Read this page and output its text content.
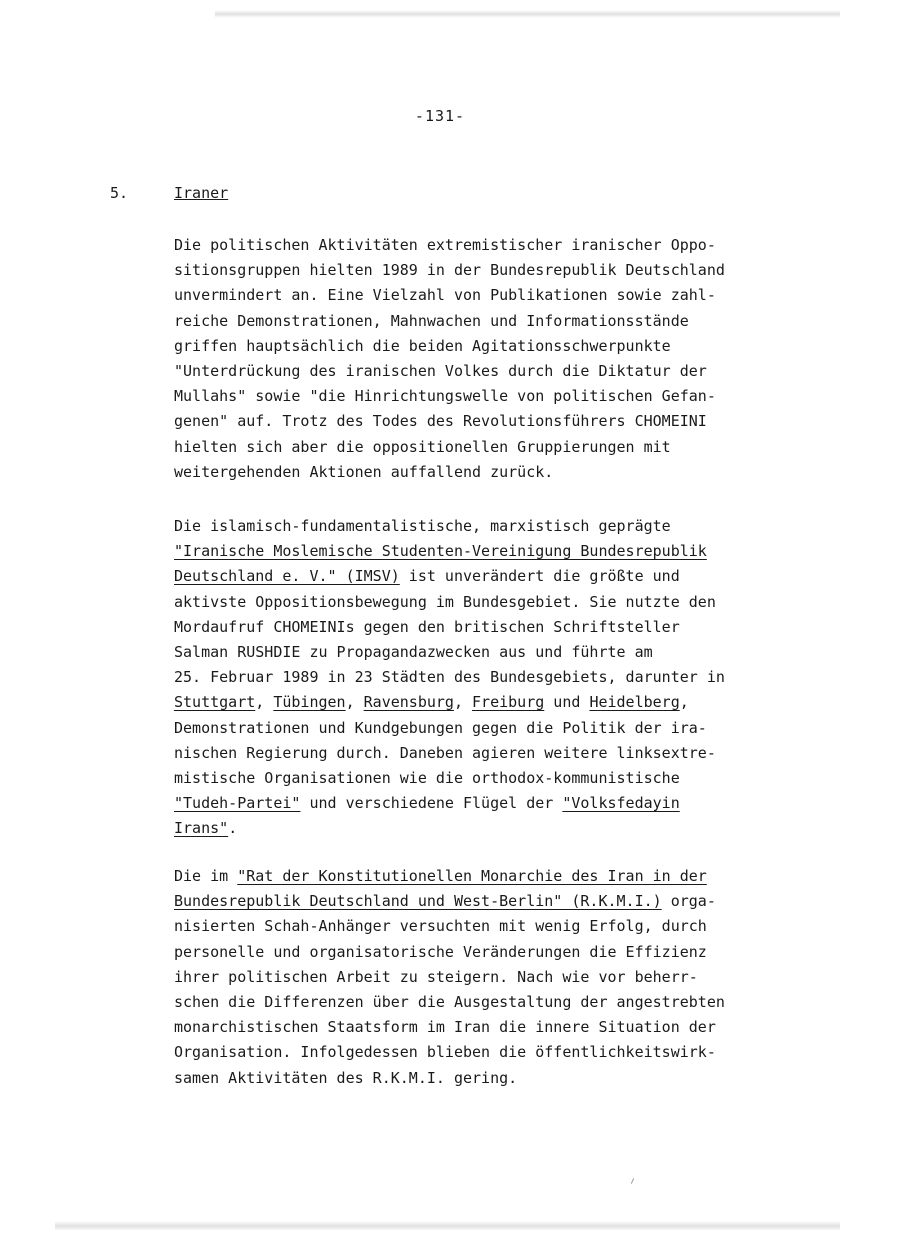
-131-
5.	Iraner
Die politischen Aktivitäten extremistischer iranischer Oppo-
sitionsgruppen hielten 1989 in der Bundesrepublik Deutschland
unvermindert an. Eine Vielzahl von Publikationen sowie zahl-
reiche Demonstrationen, Mahnwachen und Informationsstände
griffen hauptsächlich die beiden Agitationsschwerpunkte
"Unterdrückung des iranischen Volkes durch die Diktatur der
Mullahs" sowie "die Hinrichtungswelle von politischen Gefan-
genen" auf. Trotz des Todes des Revolutionsführers CHOMEINI
hielten sich aber die oppositionellen Gruppierungen mit
weitergehenden Aktionen auffallend zurück.
Die islamisch-fundamentalistische, marxistisch geprägte
"Iranische Moslemische Studenten-Vereinigung Bundesrepublik
Deutschland e. V." (IMSV) ist unverändert die größte und
aktivste Oppositionsbewegung im Bundesgebiet. Sie nutzte den
Mordaufruf CHOMEINIs gegen den britischen Schriftsteller
Salman RUSHDIE zu Propagandazwecken aus und führte am
25. Februar 1989 in 23 Städten des Bundesgebiets, darunter in
Stuttgart, Tübingen, Ravensburg, Freiburg und Heidelberg,
Demonstrationen und Kundgebungen gegen die Politik der ira-
nischen Regierung durch. Daneben agieren weitere linksextre-
mistische Organisationen wie die orthodox-kommunistische
"Tudeh-Partei" und verschiedene Flügel der "Volksfedayin
Irans".
Die im "Rat der Konstitutionellen Monarchie des Iran in der
Bundesrepublik Deutschland und West-Berlin" (R.K.M.I.) orga-
nisierten Schah-Anhänger versuchten mit wenig Erfolg, durch
personelle und organisatorische Veränderungen die Effizienz
ihrer politischen Arbeit zu steigern. Nach wie vor beherr-
schen die Differenzen über die Ausgestaltung der angestrebten
monarchistischen Staatsform im Iran die innere Situation der
Organisation. Infolgedessen blieben die öffentlichkeitswirk-
samen Aktivitäten des R.K.M.I. gering.
